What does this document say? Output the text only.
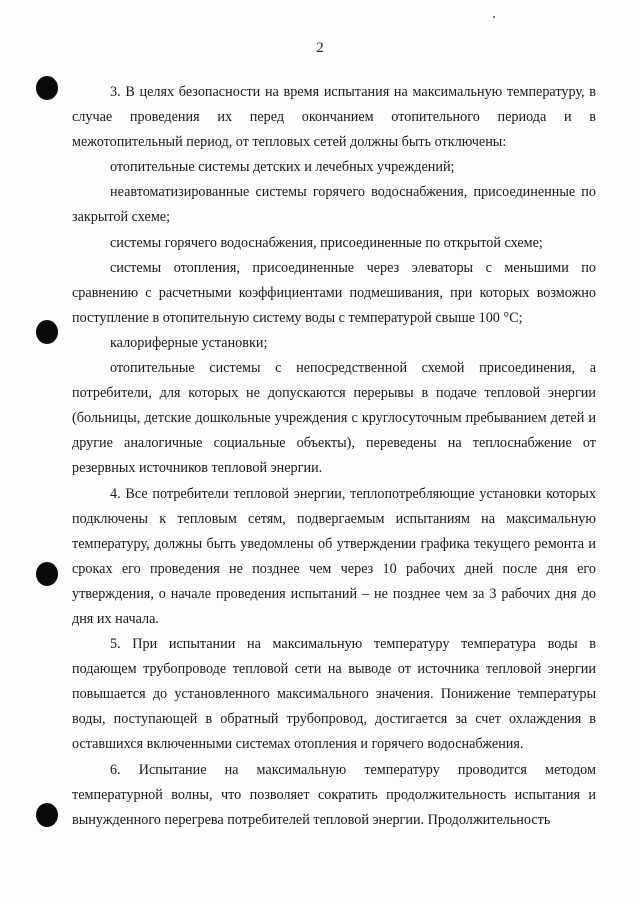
2

3. В целях безопасности на время испытания на максимальную температуру, в случае проведения их перед окончанием отопительного периода и в межотопительный период, от тепловых сетей должны быть отключены:

отопительные системы детских и лечебных учреждений;

неавтоматизированные системы горячего водоснабжения, присоединенные по закрытой схеме;

системы горячего водоснабжения, присоединенные по открытой схеме;

системы отопления, присоединенные через элеваторы с меньшими по сравнению с расчетными коэффициентами подмешивания, при которых возможно поступление в отопительную систему воды с температурой свыше 100 °С;

калориферные установки;

отопительные системы с непосредственной схемой присоединения, а потребители, для которых не допускаются перерывы в подаче тепловой энергии (больницы, детские дошкольные учреждения с круглосуточным пребыванием детей и другие аналогичные социальные объекты), переведены на теплоснабжение от резервных источников тепловой энергии.

4. Все потребители тепловой энергии, теплопотребляющие установки которых подключены к тепловым сетям, подвергаемым испытаниям на максимальную температуру, должны быть уведомлены об утверждении графика текущего ремонта и сроках его проведения не позднее чем через 10 рабочих дней после дня его утверждения, о начале проведения испытаний – не позднее чем за 3 рабочих дня до дня их начала.

5. При испытании на максимальную температуру температура воды в подающем трубопроводе тепловой сети на выводе от источника тепловой энергии повышается до установленного максимального значения. Понижение температуры воды, поступающей в обратный трубопровод, достигается за счет охлаждения в оставшихся включенными системах отопления и горячего водоснабжения.

6. Испытание на максимальную температуру проводится методом температурной волны, что позволяет сократить продолжительность испытания и вынужденного перегрева потребителей тепловой энергии. Продолжительность
